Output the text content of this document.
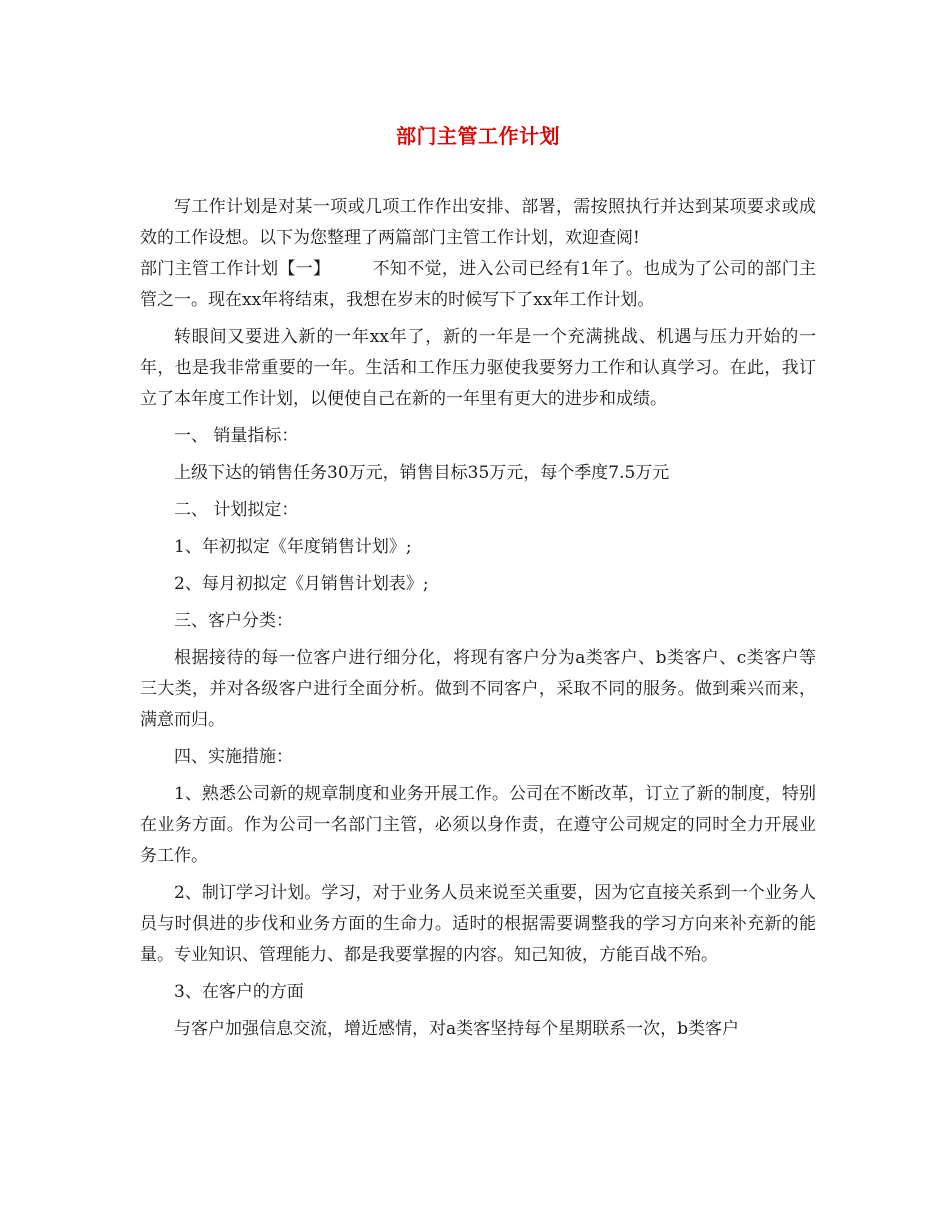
部门主管工作计划

写工作计划是对某一项或几项工作作出安排、部署，需按照执行并达到某项要求或成效的工作设想。以下为您整理了两篇部门主管工作计划，欢迎查阅!

部门主管工作计划【一】 不知不觉，进入公司已经有1年了。也成为了公司的部门主管之一。现在xx年将结束，我想在岁末的时候写下了xx年工作计划。

转眼间又要进入新的一年xx年了，新的一年是一个充满挑战、机遇与压力开始的一年，也是我非常重要的一年。生活和工作压力驱使我要努力工作和认真学习。在此，我订立了本年度工作计划，以便使自己在新的一年里有更大的进步和成绩。

一、 销量指标：

上级下达的销售任务30万元，销售目标35万元，每个季度7.5万元

二、 计划拟定：

1、年初拟定《年度销售计划》;

2、每月初拟定《月销售计划表》;

三、客户分类：

根据接待的每一位客户进行细分化，将现有客户分为a类客户、b类客户、c类客户等三大类，并对各级客户进行全面分析。做到不同客户，采取不同的服务。做到乘兴而来，满意而归。

四、实施措施：

1、熟悉公司新的规章制度和业务开展工作。公司在不断改革，订立了新的制度，特别在业务方面。作为公司一名部门主管，必须以身作责，在遵守公司规定的同时全力开展业务工作。

2、制订学习计划。学习，对于业务人员来说至关重要，因为它直接关系到一个业务人员与时俱进的步伐和业务方面的生命力。适时的根据需要调整我的学习方向来补充新的能量。专业知识、管理能力、都是我要掌握的内容。知己知彼，方能百战不殆。

3、在客户的方面

与客户加强信息交流，增近感情，对a类客坚持每个星期联系一次，b类客户
